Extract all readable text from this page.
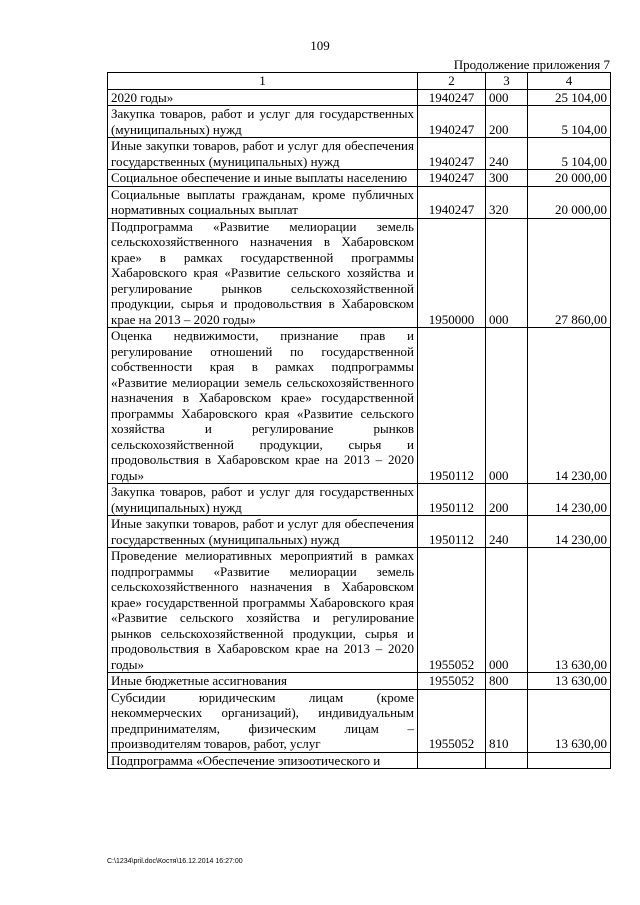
109
Продолжение приложения 7
1	2	3	4
2020 годы»	1940247	000	25 104,00
Закупка товаров, работ и услуг для государственных (муниципальных) нужд	1940247	200	5 104,00
Иные закупки товаров, работ и услуг для обеспечения государственных (муниципальных) нужд	1940247	240	5 104,00
Социальное обеспечение и иные выплаты населению	1940247	300	20 000,00
Социальные выплаты гражданам, кроме публичных нормативных социальных выплат	1940247	320	20 000,00
Подпрограмма «Развитие мелиорации земель сельскохозяйственного назначения в Хабаровском крае» в рамках государственной программы Хабаровского края «Развитие сельского хозяйства и регулирование рынков сельскохозяйственной продукции, сырья и продовольствия в Хабаровском крае на 2013 – 2020 годы»	1950000	000	27 860,00
Оценка недвижимости, признание прав и регулирование отношений по государственной собственности края в рамках подпрограммы «Развитие мелиорации земель сельскохозяйственного назначения в Хабаровском крае» государственной программы Хабаровского края «Развитие сельского хозяйства и регулирование рынков сельскохозяйственной продукции, сырья и продовольствия в Хабаровском крае на 2013 – 2020 годы»	1950112	000	14 230,00
Закупка товаров, работ и услуг для государственных (муниципальных) нужд	1950112	200	14 230,00
Иные закупки товаров, работ и услуг для обеспечения государственных (муниципальных) нужд	1950112	240	14 230,00
Проведение мелиоративных мероприятий в рамках подпрограммы «Развитие мелиорации земель сельскохозяйственного назначения в Хабаровском крае» государственной программы Хабаровского края «Развитие сельского хозяйства и регулирование рынков сельскохозяйственной продукции, сырья и продовольствия в Хабаровском крае на 2013 – 2020 годы»	1955052	000	13 630,00
Иные бюджетные ассигнования	1955052	800	13 630,00
Субсидии юридическим лицам (кроме некоммерческих организаций), индивидуальным предпринимателям, физическим лицам – производителям товаров, работ, услуг	1955052	810	13 630,00
Подпрограмма «Обеспечение эпизоотического и			
C:\1234\pril.doc\Костя\16.12.2014 16:27:00
